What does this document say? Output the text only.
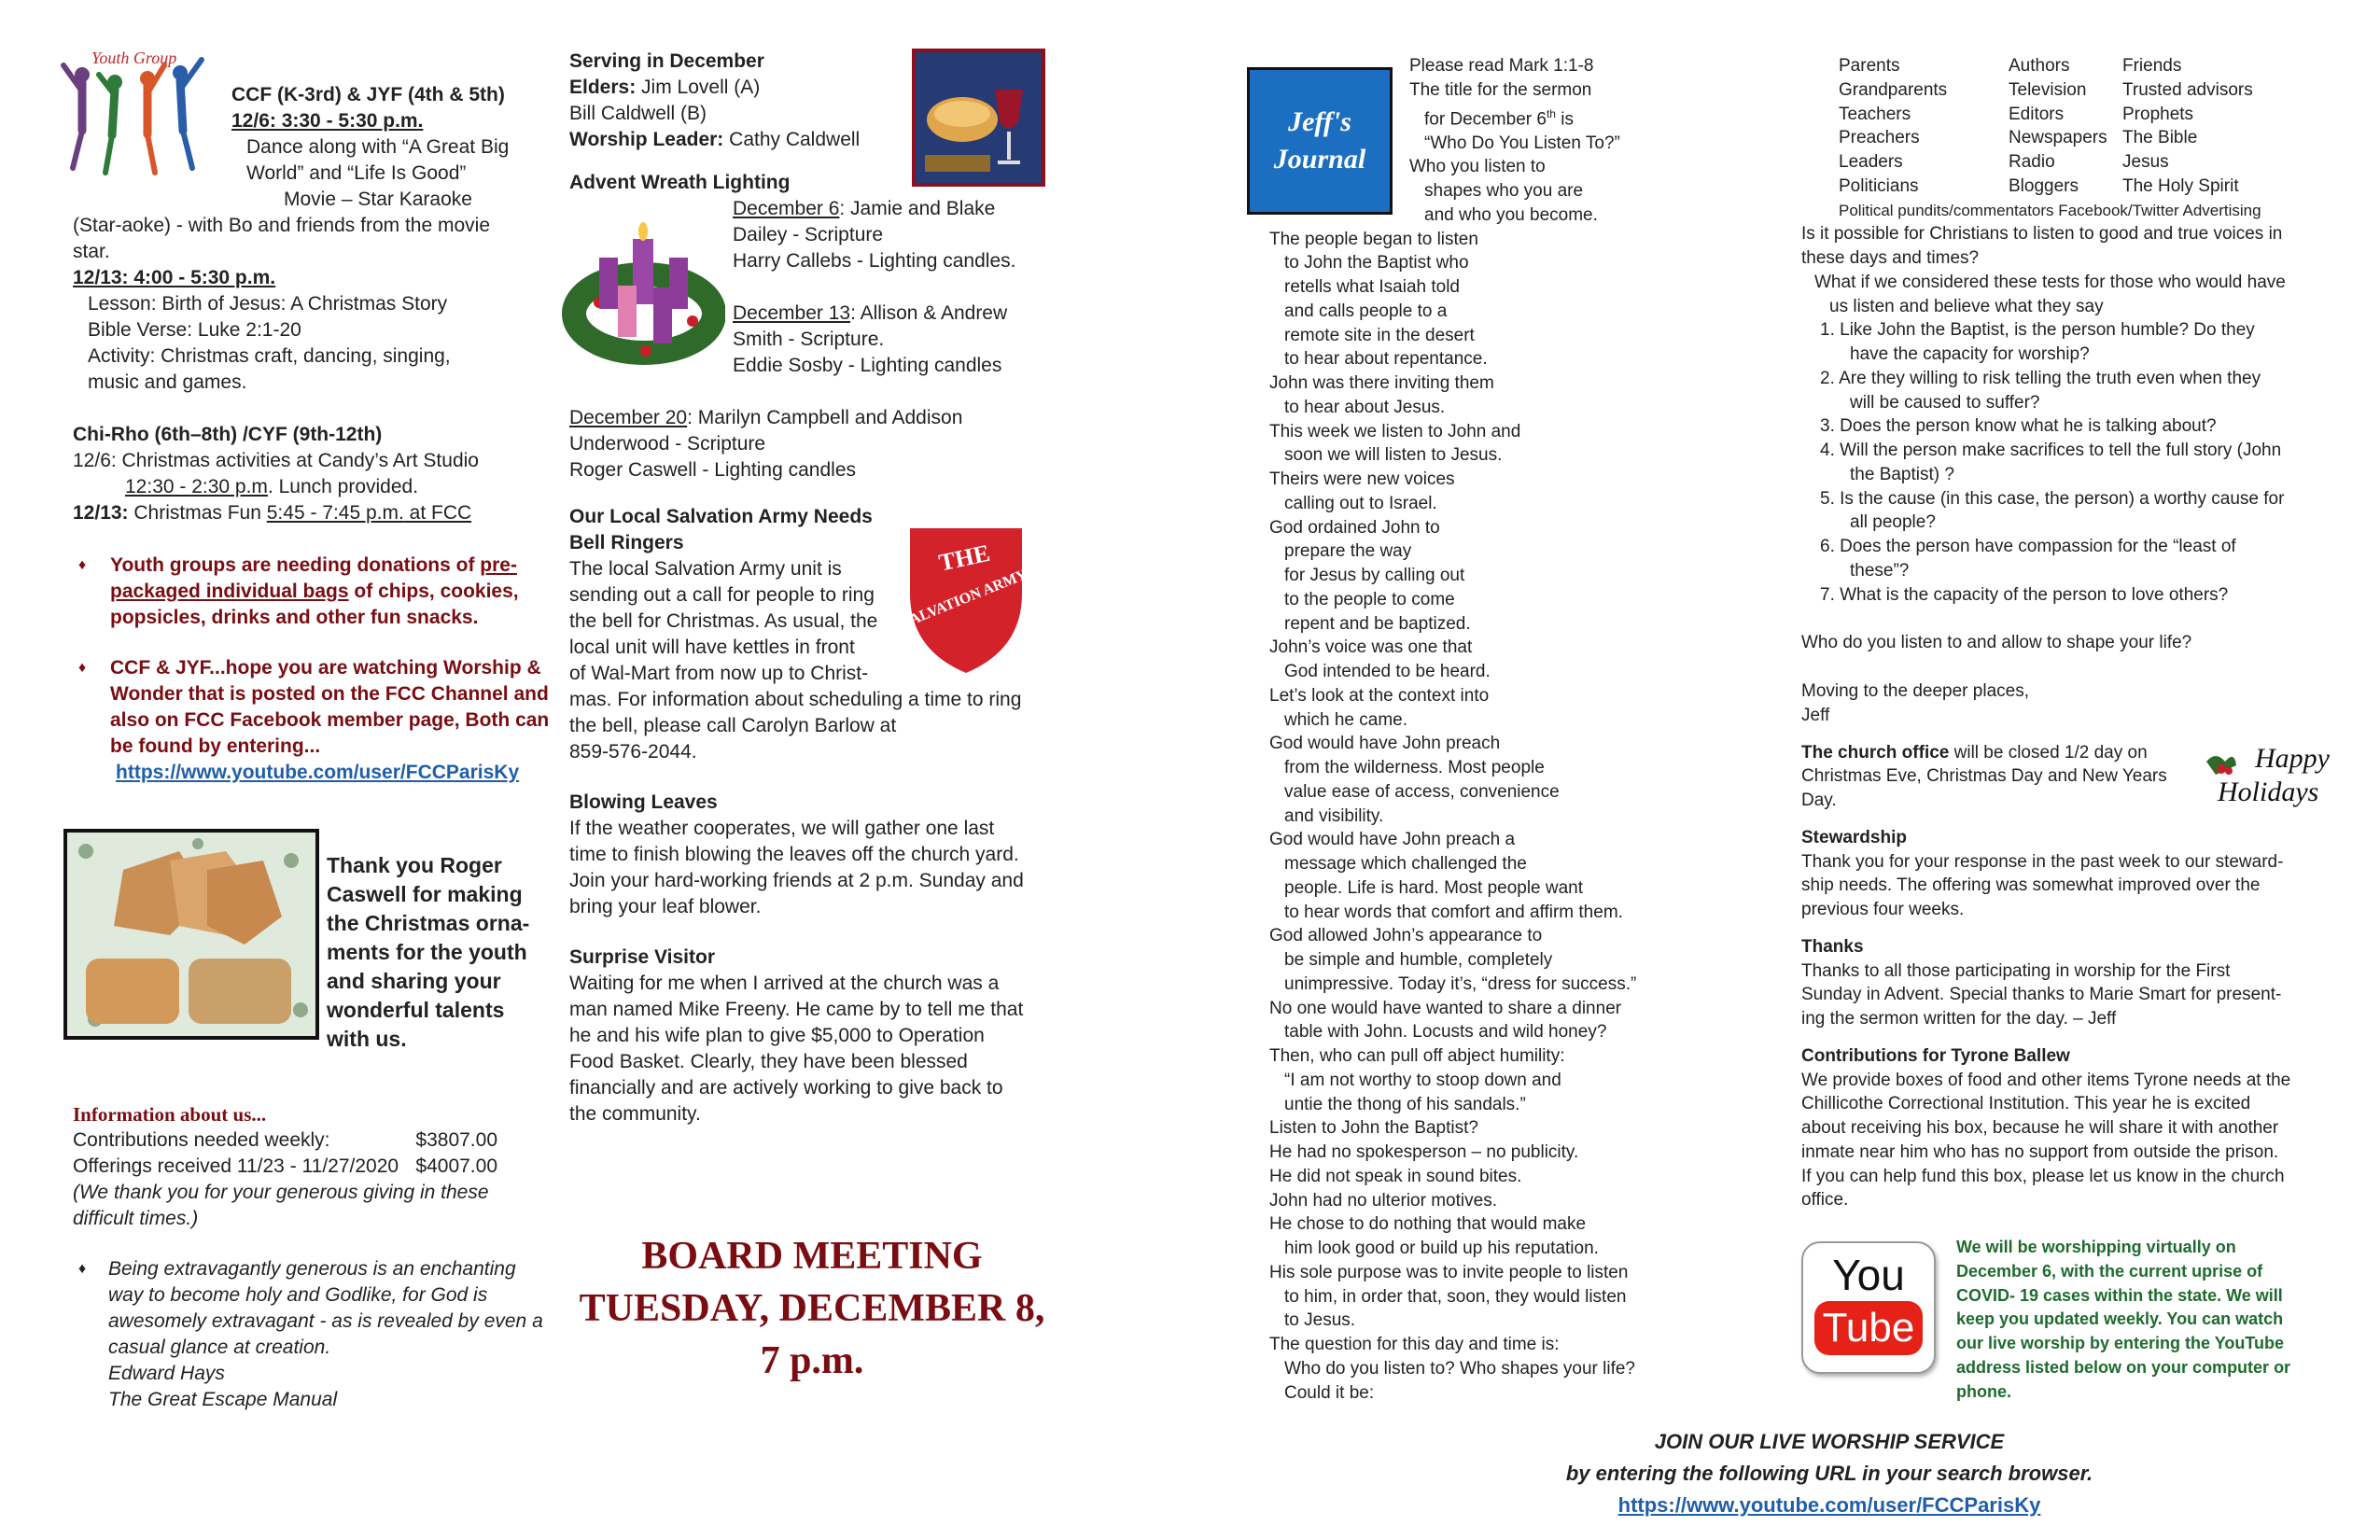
Youth Group
CCF (K-3rd) & JYF (4th & 5th)
12/6: 3:30 - 5:30 p.m.
Dance along with “A Great Big
World” and “Life Is Good”
Movie – Star Karaoke
(Star-aoke) - with Bo and friends from the movie
star.
12/13: 4:00 - 5:30 p.m.
Lesson: Birth of Jesus: A Christmas Story
Bible Verse: Luke 2:1-20
Activity: Christmas craft, dancing, singing,
music and games.
Chi-Rho (6th–8th) /CYF (9th-12th)
12/6: Christmas activities at Candy’s Art Studio
12:30 - 2:30 p.m. Lunch provided.
12/13: Christmas Fun 5:45 - 7:45 p.m. at FCC
♦ Youth groups are needing donations of pre-
packaged individual bags of chips, cookies,
popsicles, drinks and other fun snacks.
♦ CCF & JYF...hope you are watching Worship &
Wonder that is posted on the FCC Channel and
also on FCC Facebook member page, Both can
be found by entering...
https://www.youtube.com/user/FCCParisKy
Thank you Roger
Caswell for making
the Christmas orna-
ments for the youth
and sharing your
wonderful talents
with us.
Information about us...
Contributions needed weekly:	$3807.00
Offerings received 11/23 - 11/27/2020 $4007.00
(We thank you for your generous giving in these
difficult times.)
♦ Being extravagantly generous is an enchanting
way to become holy and Godlike, for God is
awesomely extravagant - as is revealed by even a
casual glance at creation.
Edward Hays
The Great Escape Manual
Serving in December
Elders: Jim Lovell (A)
Bill Caldwell (B)
Worship Leader: Cathy Caldwell
Advent Wreath Lighting
December 6: Jamie and Blake
Dailey - Scripture
Harry Callebs - Lighting candles.
December 13: Allison & Andrew
Smith - Scripture.
Eddie Sosby - Lighting candles
December 20: Marilyn Campbell and Addison
Underwood - Scripture
Roger Caswell - Lighting candles
Our Local Salvation Army Needs
Bell Ringers
The local Salvation Army unit is
sending out a call for people to ring
the bell for Christmas. As usual, the
local unit will have kettles in front
of Wal-Mart from now up to Christ-
mas. For information about scheduling a time to ring
the bell, please call Carolyn Barlow at
859-576-2044.
Blowing Leaves
If the weather cooperates, we will gather one last
time to finish blowing the leaves off the church yard.
Join your hard-working friends at 2 p.m. Sunday and
bring your leaf blower.
Surprise Visitor
Waiting for me when I arrived at the church was a
man named Mike Freeny. He came by to tell me that
he and his wife plan to give $5,000 to Operation
Food Basket. Clearly, they have been blessed
financially and are actively working to give back to
the community.
THE
SALVATION ARMY
BOARD MEETING
TUESDAY, DECEMBER 8,
7 p.m.
Jeff's
Journal
Please read Mark 1:1-8
The title for the sermon
for December 6th is
“Who Do You Listen To?”
Who you listen to
shapes who you are
and who you become.
The people began to listen
to John the Baptist who
retells what Isaiah told
and calls people to a
remote site in the desert
to hear about repentance.
John was there inviting them
to hear about Jesus.
This week we listen to John and
soon we will listen to Jesus.
Theirs were new voices
calling out to Israel.
God ordained John to
prepare the way
for Jesus by calling out
to the people to come
repent and be baptized.
John’s voice was one that
God intended to be heard.
Let’s look at the context into
which he came.
God would have John preach
from the wilderness. Most people
value ease of access, convenience
and visibility.
God would have John preach a
message which challenged the
people. Life is hard. Most people want
to hear words that comfort and affirm them.
God allowed John’s appearance to
be simple and humble, completely
unimpressive. Today it’s, “dress for success.”
No one would have wanted to share a dinner
table with John. Locusts and wild honey?
Then, who can pull off abject humility:
“I am not worthy to stoop down and
untie the thong of his sandals.”
Listen to John the Baptist?
He had no spokesperson – no publicity.
He did not speak in sound bites.
John had no ulterior motives.
He chose to do nothing that would make
him look good or build up his reputation.
His sole purpose was to invite people to listen
to him, in order that, soon, they would listen
to Jesus.
The question for this day and time is:
Who do you listen to? Who shapes your life?
Could it be:
JOIN OUR LIVE WORSHIP SERVICE
by entering the following URL in your search browser.
https://www.youtube.com/user/FCCParisKy
Parents
Grandparents
Teachers
Preachers
Leaders
Politicians
Authors
Television
Editors
Newspapers
Radio
Bloggers
Friends
Trusted advisors
Prophets
The Bible
Jesus
The Holy Spirit
Political pundits/commentators Facebook/Twitter Advertising
Is it possible for Christians to listen to good and true voices in
these days and times?
What if we considered these tests for those who would have
us listen and believe what they say
1. Like John the Baptist, is the person humble? Do they
have the capacity for worship?
2. Are they willing to risk telling the truth even when they
will be caused to suffer?
3. Does the person know what he is talking about?
4. Will the person make sacrifices to tell the full story (John
the Baptist) ?
5. Is the cause (in this case, the person) a worthy cause for
all people?
6. Does the person have compassion for the “least of
these”?
7. What is the capacity of the person to love others?
Who do you listen to and allow to shape your life?
Moving to the deeper places,
Jeff
The church office will be closed 1/2 day on
Christmas Eve, Christmas Day and New Years
Day.
Stewardship
Thank you for your response in the past week to our steward-
ship needs. The offering was somewhat improved over the
previous four weeks.
Thanks
Thanks to all those participating in worship for the First
Sunday in Advent. Special thanks to Marie Smart for present-
ing the sermon written for the day. – Jeff
Contributions for Tyrone Ballew
We provide boxes of food and other items Tyrone needs at the
Chillicothe Correctional Institution. This year he is excited
about receiving his box, because he will share it with another
inmate near him who has no support from outside the prison.
If you can help fund this box, please let us know in the church
office.
Happy
Holidays
You
Tube
We will be worshipping virtually on
December 6, with the current uprise of
COVID- 19 cases within the state. We will
keep you updated weekly. You can watch
our live worship by entering the YouTube
address listed below on your computer or
phone.
